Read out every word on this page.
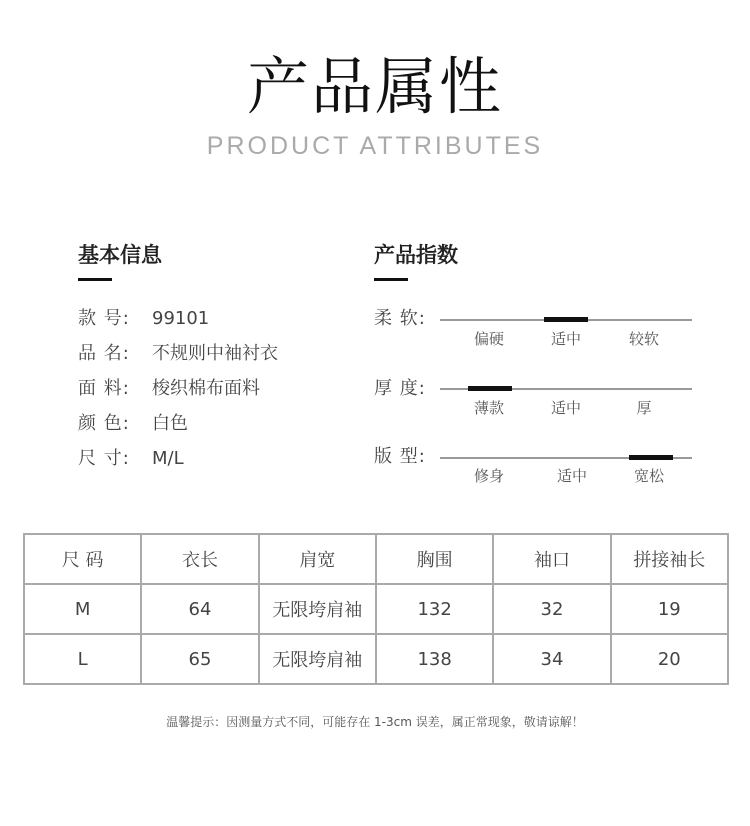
产品属性
PRODUCT ATTRIBUTES
基本信息
款 号: 99101
品 名: 不规则中袖衬衣
面 料: 梭织棉布面料
颜 色: 白色
尺 寸: M/L
产品指数
柔 软:
偏硬	适中	较软
厚 度:
薄款	适中	厚
版 型:
修身	适中	宽松
尺 码	衣长	肩宽	胸围	袖口	拼接袖长
M	64	无限垮肩袖	132	32	19
L	65	无限垮肩袖	138	34	20
温馨提示：因测量方式不同，可能存在 1-3cm 误差，属正常现象，敬请谅解！
